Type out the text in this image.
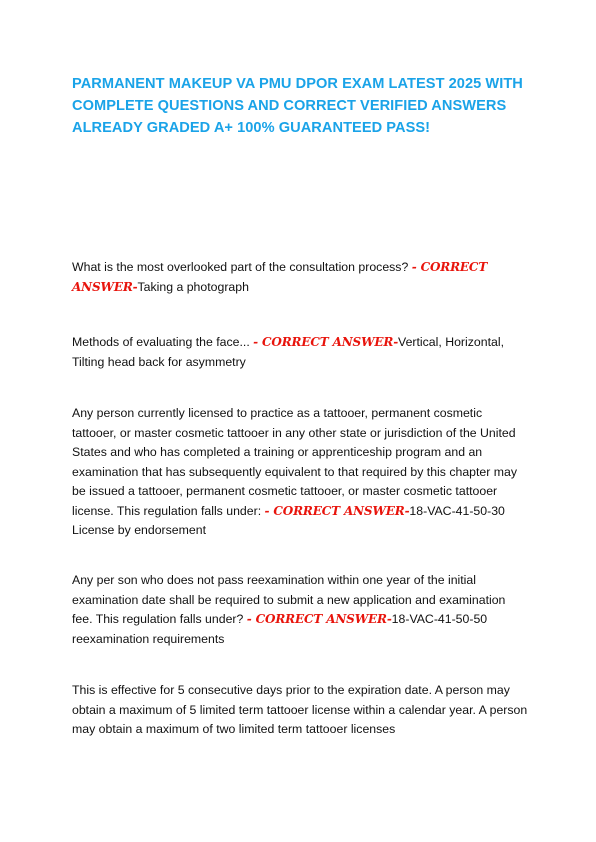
PARMANENT MAKEUP VA PMU DPOR EXAM LATEST 2025 WITH COMPLETE QUESTIONS AND CORRECT VERIFIED ANSWERS ALREADY GRADED A+ 100% GUARANTEED PASS!

What is the most overlooked part of the consultation process? - CORRECT ANSWER-Taking a photograph

Methods of evaluating the face... - CORRECT ANSWER-Vertical, Horizontal, Tilting head back for asymmetry

Any person currently licensed to practice as a tattooer, permanent cosmetic tattooer, or master cosmetic tattooer in any other state or jurisdiction of the United States and who has completed a training or apprenticeship program and an examination that has subsequently equivalent to that required by this chapter may be issued a tattooer, permanent cosmetic tattooer, or master cosmetic tattooer license. This regulation falls under: - CORRECT ANSWER-18-VAC-41-50-30 License by endorsement

Any per son who does not pass reexamination within one year of the initial examination date shall be required to submit a new application and examination fee. This regulation falls under? - CORRECT ANSWER-18-VAC-41-50-50 reexamination requirements

This is effective for 5 consecutive days prior to the expiration date. A person may obtain a maximum of 5 limited term tattooer license within a calendar year. A person may obtain a maximum of two limited term tattooer licenses
